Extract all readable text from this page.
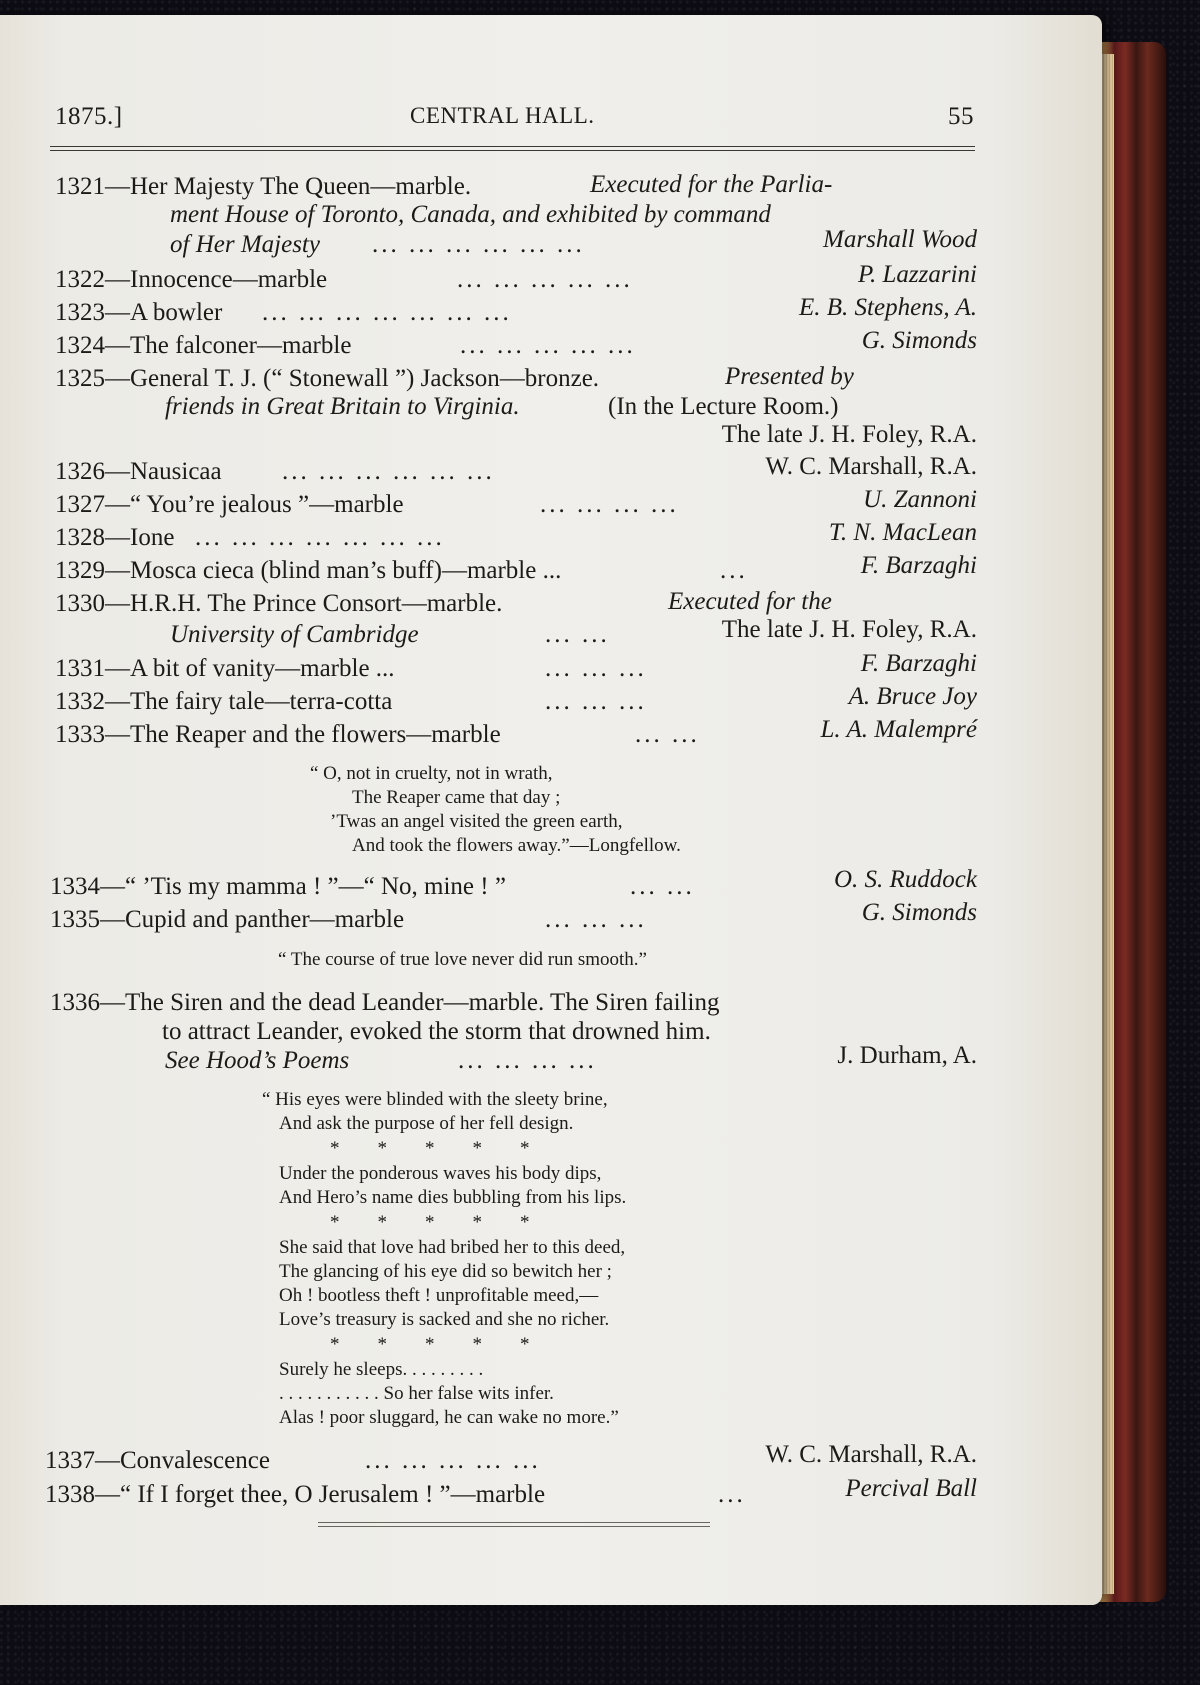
1875.]	CENTRAL HALL.	55
1321—Her Majesty The Queen—marble.	Executed for the Parlia-
ment House of Toronto, Canada, and exhibited by command
of Her Majesty ... ... ... ... ... ...	Marshall Wood
1322—Innocence—marble	... ... ... ... ...	P. Lazzarini
1323—A bowler ... ... ... ... ... ... ...	E. B. Stephens, A.
1324—The falconer—marble	... ... ... ... ...	G. Simonds
1325—General T. J. (“ Stonewall ”) Jackson—bronze.	Presented by
friends in Great Britain to Virginia.	(In the Lecture Room.)
The late J. H. Foley, R.A.
1326—Nausicaa ... ... ... ... ... ...	W. C. Marshall, R.A.
1327—“ You’re jealous ”—marble	... ... ... ...	U. Zannoni
1328—Ione ... ... ... ... ... ... ...	T. N. MacLean
1329—Mosca cieca (blind man’s buff)—marble ...	...	F. Barzaghi
1330—H.R.H. The Prince Consort—marble.	Executed for the
University of Cambridge	... ...	The late J. H. Foley, R.A.
1331—A bit of vanity—marble ...	... ... ...	F. Barzaghi
1332—The fairy tale—terra-cotta	... ... ...	A. Bruce Joy
1333—The Reaper and the flowers—marble	... ...	L. A. Malempré
“ O, not in cruelty, not in wrath,
The Reaper came that day ;
’Twas an angel visited the green earth,
And took the flowers away.”—Longfellow.
1334—“ ’Tis my mamma ! ”—“ No, mine ! ”	... ...	O. S. Ruddock
1335—Cupid and panther—marble	... ... ...	G. Simonds
“ The course of true love never did run smooth.”
1336—The Siren and the dead Leander—marble. The Siren failing
to attract Leander, evoked the storm that drowned him.
See Hood’s Poems	... ... ... ...	J. Durham, A.
“ His eyes were blinded with the sleety brine,
And ask the purpose of her fell design.
*        *        *        *        *
Under the ponderous waves his body dips,
And Hero’s name dies bubbling from his lips.
*        *        *        *        *
She said that love had bribed her to this deed,
The glancing of his eye did so bewitch her ;
Oh ! bootless theft ! unprofitable meed,—
Love’s treasury is sacked and she no richer.
*        *        *        *        *
Surely he sleeps. . . . . . . . .
. . . . . . . . . . . So her false wits infer.
Alas ! poor sluggard, he can wake no more.”
1337—Convalescence	... ... ... ... ...	W. C. Marshall, R.A.
1338—“ If I forget thee, O Jerusalem ! ”—marble	...	Percival Ball
